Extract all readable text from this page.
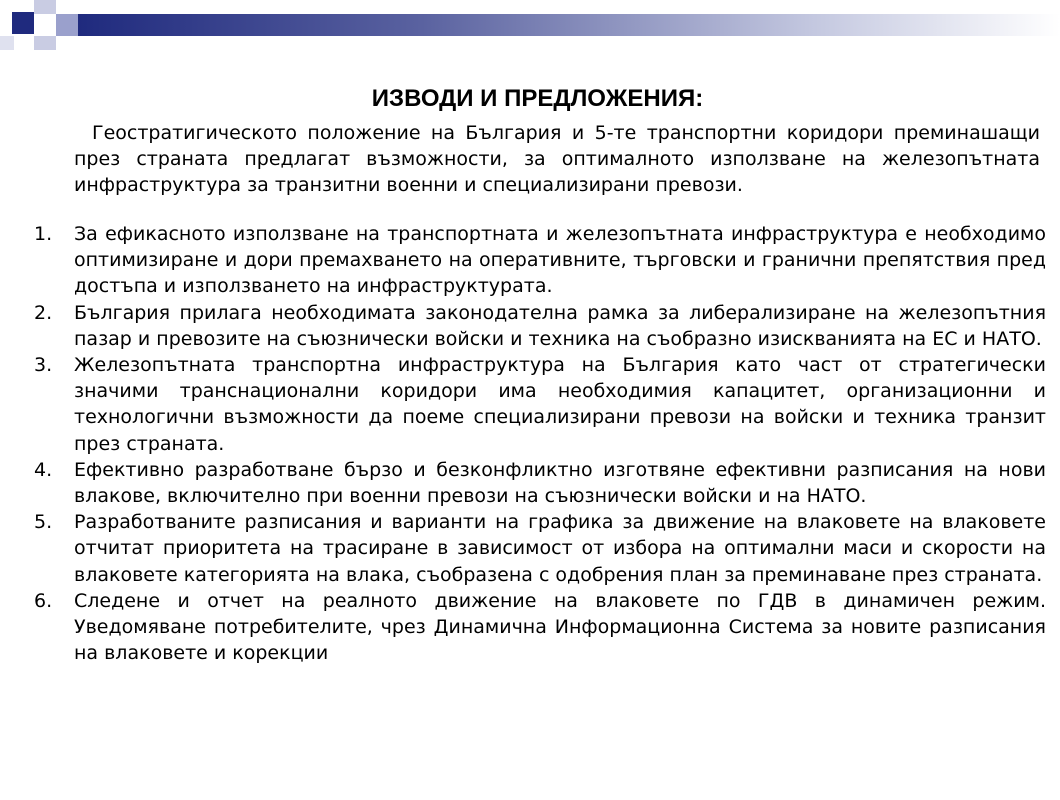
ИЗВОДИ И ПРЕДЛОЖЕНИЯ:

Геостратигическото положение на България и 5-те транспортни коридори преминашащи през страната предлагат възможности, за оптималното използване на железопътната инфраструктура за транзитни военни и специализирани превози.

1. За ефикасното използване на транспортната и железопътната инфраструктура е необходимо оптимизиране и дори премахването на оперативните, търговски и гранични препятствия пред достъпа и използването на инфраструктурата.
2. България прилага необходимата законодателна рамка за либерализиране на железопътния пазар и превозите на съюзнически войски и техника на съобразно изискванията на ЕС и НАТО.
3. Железопътната транспортна инфраструктура на България като част от стратегически значими транснационални коридори има необходимия капацитет, организационни и технологични възможности да поеме специализирани превози на войски и техника транзит през страната.
4. Ефективно разработване бързо и безконфликтно изготвяне ефективни разписания на нови влакове, включително при военни превози на съюзнически войски и на НАТО.
5. Разработваните разписания и варианти на графика за движение на влаковете на влаковете отчитат приоритета на трасиране в зависимост от избора на оптимални маси и скорости на влаковете категорията на влака, съобразена с одобрения план за преминаване през страната.
6. Следене и отчет на реалното движение на влаковете по ГДВ в динамичен режим. Уведомяване потребителите, чрез Динамична Информационна Система за новите разписания на влаковете и корекции
